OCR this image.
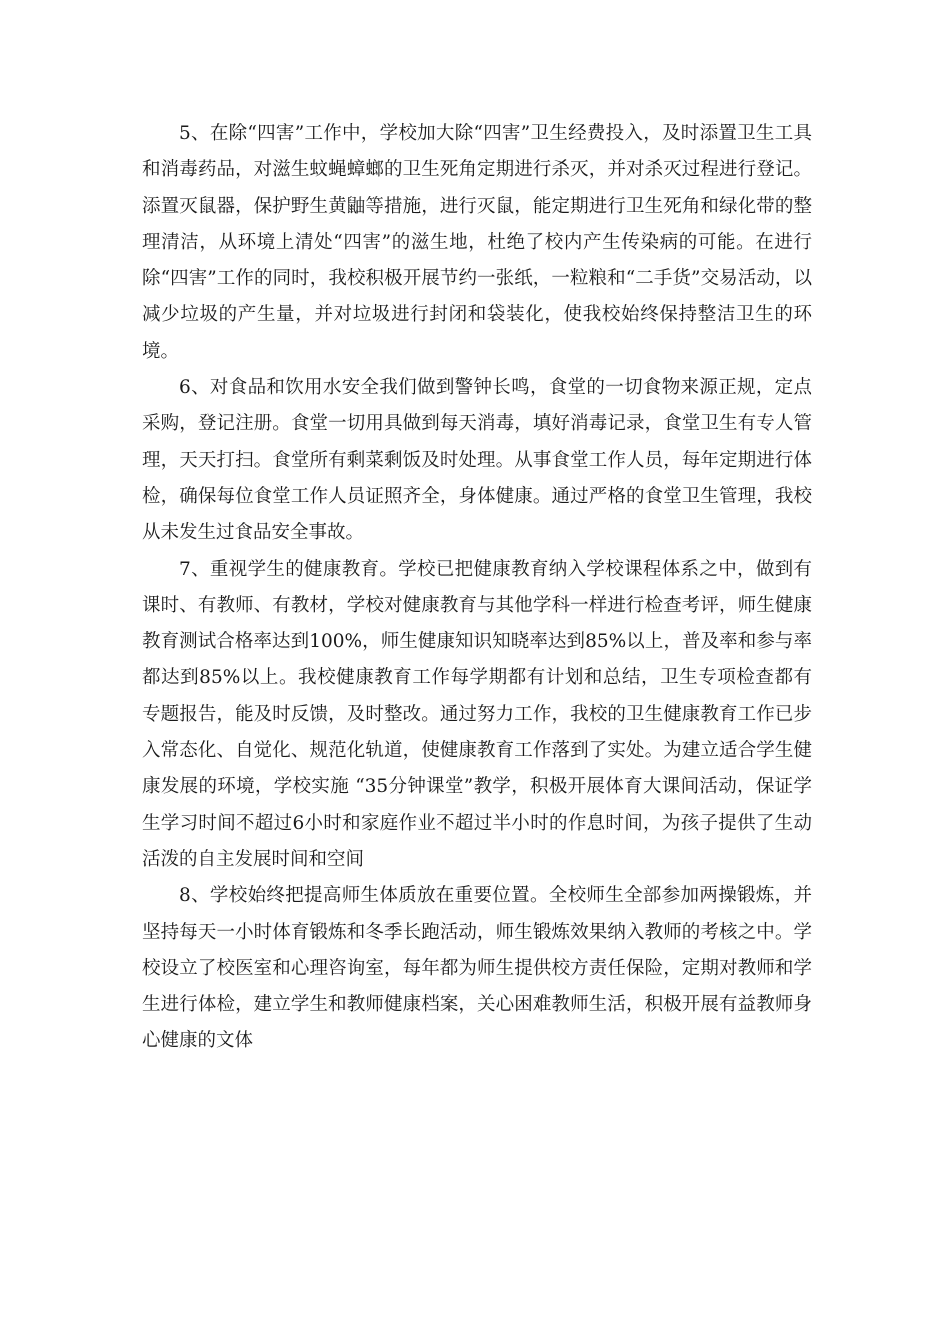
5、在除“四害”工作中，学校加大除“四害”卫生经费投入，及时添置卫生工具和消毒药品，对滋生蚊蝇蟑螂的卫生死角定期进行杀灭，并对杀灭过程进行登记。添置灭鼠器，保护野生黄鼬等措施，进行灭鼠，能定期进行卫生死角和绿化带的整理清洁，从环境上清处“四害”的滋生地，杜绝了校内产生传染病的可能。在进行除“四害”工作的同时，我校积极开展节约一张纸，一粒粮和“二手货”交易活动，以减少垃圾的产生量，并对垃圾进行封闭和袋装化，使我校始终保持整洁卫生的环境。

6、对食品和饮用水安全我们做到警钟长鸣，食堂的一切食物来源正规，定点采购，登记注册。食堂一切用具做到每天消毒，填好消毒记录，食堂卫生有专人管理，天天打扫。食堂所有剩菜剩饭及时处理。从事食堂工作人员，每年定期进行体检，确保每位食堂工作人员证照齐全，身体健康。通过严格的食堂卫生管理，我校从未发生过食品安全事故。

7、重视学生的健康教育。学校已把健康教育纳入学校课程体系之中，做到有课时、有教师、有教材，学校对健康教育与其他学科一样进行检查考评，师生健康教育测试合格率达到100%，师生健康知识知晓率达到85%以上，普及率和参与率都达到85%以上。我校健康教育工作每学期都有计划和总结，卫生专项检查都有专题报告，能及时反馈，及时整改。通过努力工作，我校的卫生健康教育工作已步入常态化、自觉化、规范化轨道，使健康教育工作落到了实处。为建立适合学生健康发展的环境，学校实施 “35分钟课堂”教学，积极开展体育大课间活动，保证学生学习时间不超过6小时和家庭作业不超过半小时的作息时间，为孩子提供了生动活泼的自主发展时间和空间

8、学校始终把提高师生体质放在重要位置。全校师生全部参加两操锻炼，并坚持每天一小时体育锻炼和冬季长跑活动，师生锻炼效果纳入教师的考核之中。学校设立了校医室和心理咨询室，每年都为师生提供校方责任保险，定期对教师和学生进行体检，建立学生和教师健康档案，关心困难教师生活，积极开展有益教师身心健康的文体
